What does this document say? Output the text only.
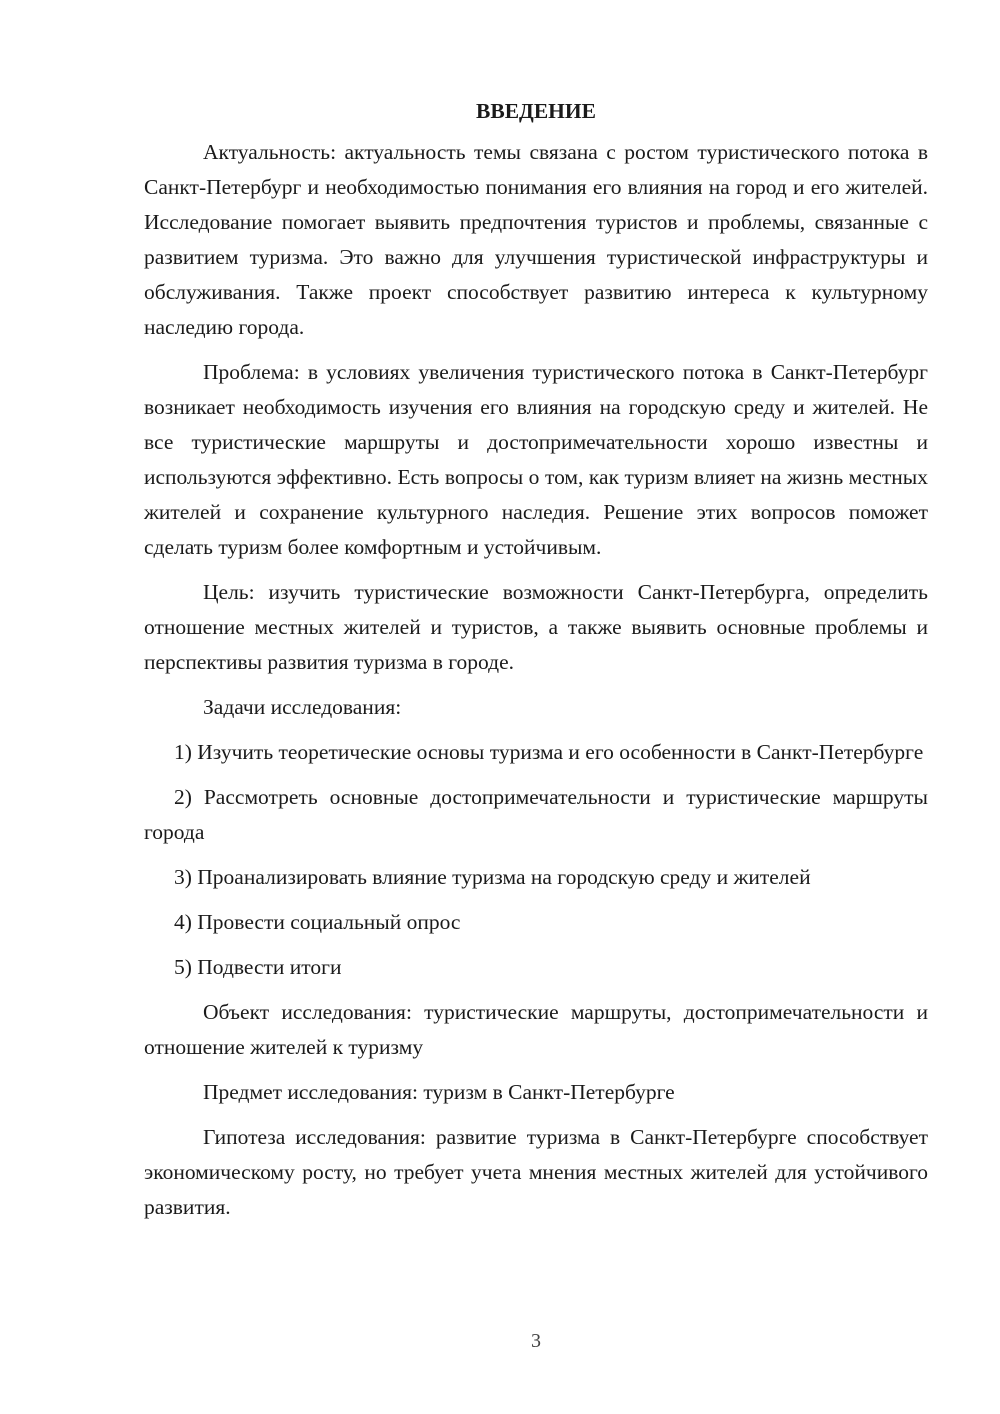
ВВЕДЕНИЕ

Актуальность: актуальность темы связана с ростом туристического потока в Санкт-Петербург и необходимостью понимания его влияния на город и его жителей. Исследование помогает выявить предпочтения туристов и проблемы, связанные с развитием туризма. Это важно для улучшения туристической инфраструктуры и обслуживания. Также проект способствует развитию интереса к культурному наследию города.

Проблема: в условиях увеличения туристического потока в Санкт-Петербург возникает необходимость изучения его влияния на городскую среду и жителей. Не все туристические маршруты и достопримечательности хорошо известны и используются эффективно. Есть вопросы о том, как туризм влияет на жизнь местных жителей и сохранение культурного наследия. Решение этих вопросов поможет сделать туризм более комфортным и устойчивым.

Цель: изучить туристические возможности Санкт-Петербурга, определить отношение местных жителей и туристов, а также выявить основные проблемы и перспективы развития туризма в городе.

Задачи исследования:

1) Изучить теоретические основы туризма и его особенности в Санкт-Петербурге
2) Рассмотреть основные достопримечательности и туристические маршруты города
3) Проанализировать влияние туризма на городскую среду и жителей
4) Провести социальный опрос
5) Подвести итоги

Объект исследования: туристические маршруты, достопримечательности и отношение жителей к туризму

Предмет исследования: туризм в Санкт-Петербурге

Гипотеза исследования: развитие туризма в Санкт-Петербурге способствует экономическому росту, но требует учета мнения местных жителей для устойчивого развития.

3
